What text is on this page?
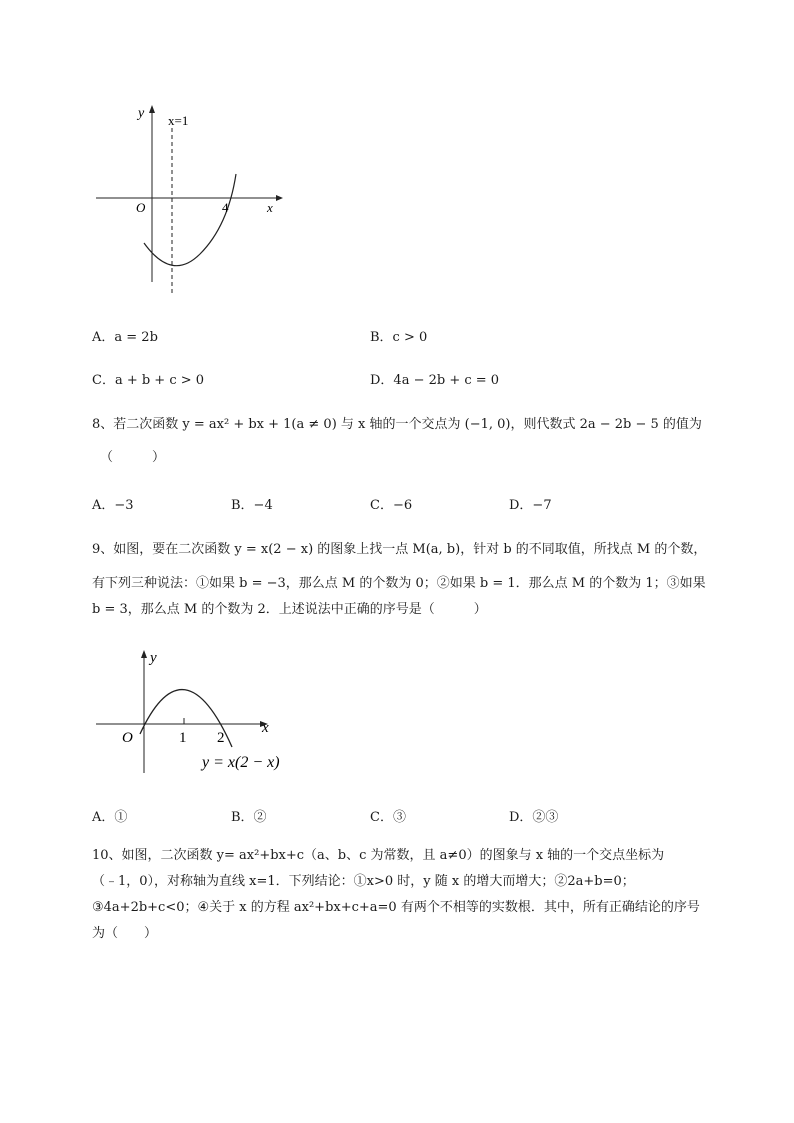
y
x
O
x=1
4
A．a = 2b	B．c > 0
C．a + b + c > 0	D．4a − 2b + c = 0
8、若二次函数 y = ax² + bx + 1(a ≠ 0) 与 x 轴的一个交点为 (−1, 0)，则代数式 2a − 2b − 5 的值为
（　　　）
A．−3	B．−4	C．−6	D．−7
9、如图，要在二次函数 y = x(2 − x) 的图象上找一点 M(a, b)，针对 b 的不同取值，所找点 M 的个数，
有下列三种说法：①如果 b = −3，那么点 M 的个数为 0；②如果 b = 1．那么点 M 的个数为 1；③如果
b = 3，那么点 M 的个数为 2．上述说法中正确的序号是（　　　）
y
x
O	1 2
y = x(2 − x)
A．①	B．②	C．③	D．②③
10、如图，二次函数 y= ax²+bx+c（a、b、c 为常数，且 a≠0）的图象与 x 轴的一个交点坐标为
（﹣1，0），对称轴为直线 x=1．下列结论：①x>0 时，y 随 x 的增大而增大；②2a+b=0；
③4a+2b+c<0；④关于 x 的方程 ax²+bx+c+a=0 有两个不相等的实数根．其中，所有正确结论的序号
为（　　）
